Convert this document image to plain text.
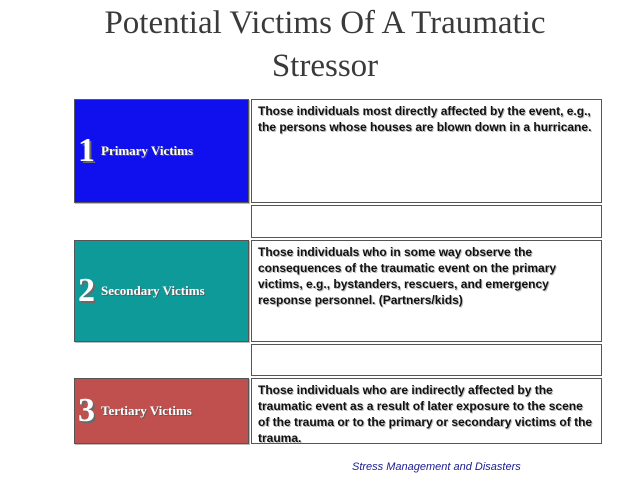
Potential Victims Of A Traumatic Stressor
1 Primary Victims
Those individuals most directly affected by the event, e.g., the persons whose houses are blown down in a hurricane.
2 Secondary Victims
Those individuals who in some way observe the consequences of the traumatic event on the primary victims, e.g., bystanders, rescuers, and emergency response personnel. (Partners/kids)
3 Tertiary Victims
Those individuals who are indirectly affected by the traumatic event as a result of later exposure to the scene of the trauma or to the primary or secondary victims of the trauma.
Stress Management and Disasters
